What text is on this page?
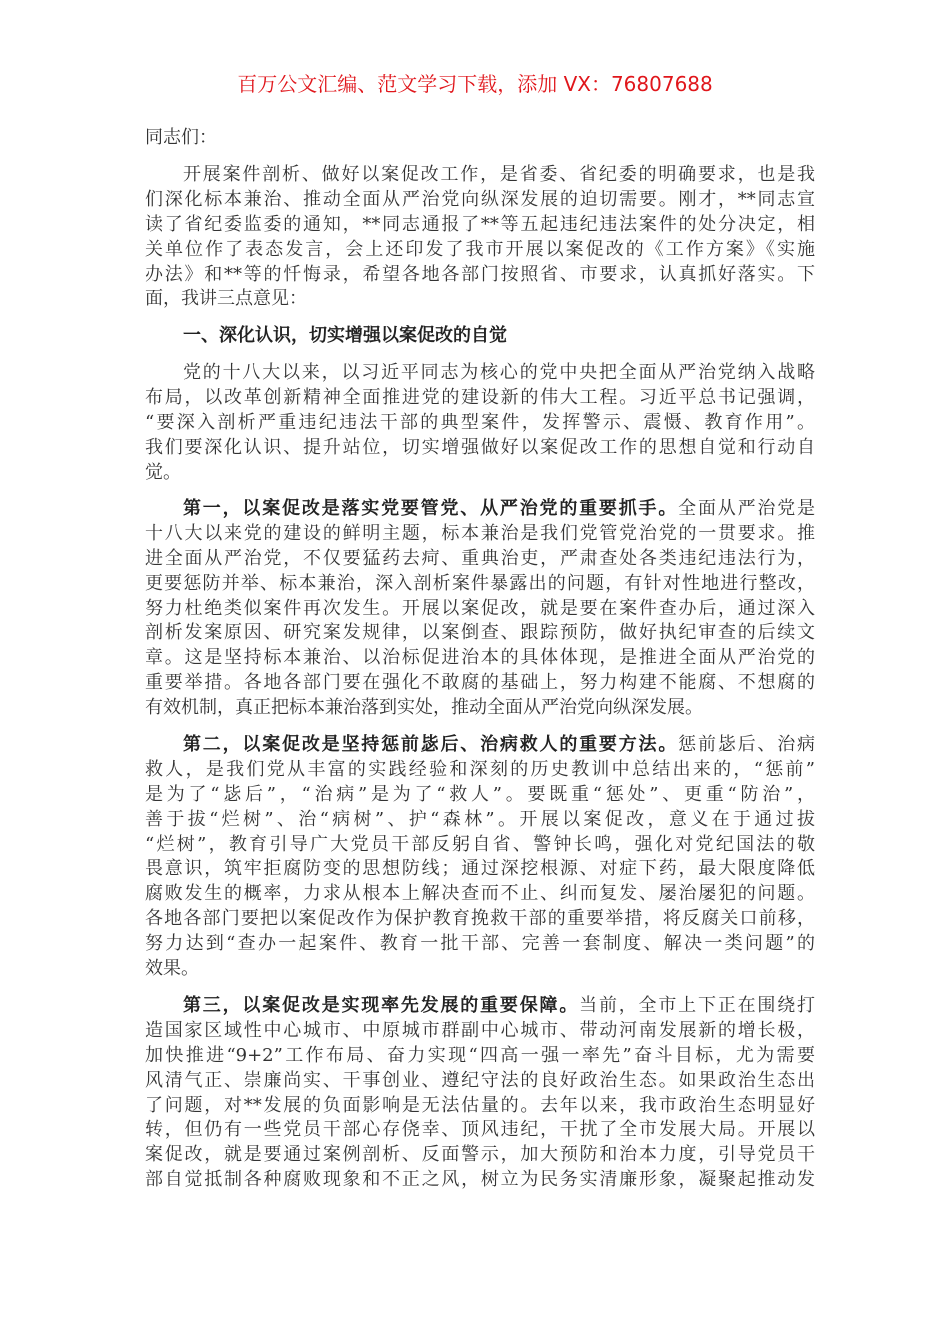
百万公文汇编、范文学习下载，添加 VX：76807688
同志们：
开展案件剖析、做好以案促改工作，是省委、省纪委的明确要求，也是我
们深化标本兼治、推动全面从严治党向纵深发展的迫切需要。刚才，**同志宣
读了省纪委监委的通知，**同志通报了**等五起违纪违法案件的处分决定，相
关单位作了表态发言，会上还印发了我市开展以案促改的《工作方案》《实施
办法》和**等的忏悔录，希望各地各部门按照省、市要求，认真抓好落实。下
面，我讲三点意见：
一、深化认识，切实增强以案促改的自觉
党的十八大以来，以习近平同志为核心的党中央把全面从严治党纳入战略
布局，以改革创新精神全面推进党的建设新的伟大工程。习近平总书记强调，
“要深入剖析严重违纪违法干部的典型案件，发挥警示、震慑、教育作用”。
我们要深化认识、提升站位，切实增强做好以案促改工作的思想自觉和行动自
觉。
第一，以案促改是落实党要管党、从严治党的重要抓手。全面从严治党是
十八大以来党的建设的鲜明主题，标本兼治是我们党管党治党的一贯要求。推
进全面从严治党，不仅要猛药去疴、重典治吏，严肃查处各类违纪违法行为，
更要惩防并举、标本兼治，深入剖析案件暴露出的问题，有针对性地进行整改，
努力杜绝类似案件再次发生。开展以案促改，就是要在案件查办后，通过深入
剖析发案原因、研究案发规律，以案倒查、跟踪预防，做好执纪审查的后续文
章。这是坚持标本兼治、以治标促进治本的具体体现，是推进全面从严治党的
重要举措。各地各部门要在强化不敢腐的基础上，努力构建不能腐、不想腐的
有效机制，真正把标本兼治落到实处，推动全面从严治党向纵深发展。
第二，以案促改是坚持惩前毖后、治病救人的重要方法。惩前毖后、治病
救人，是我们党从丰富的实践经验和深刻的历史教训中总结出来的，“惩前”
是为了“毖后”，“治病”是为了“救人”。要既重“惩处”、更重“防治”，
善于拔“烂树”、治“病树”、护“森林”。开展以案促改，意义在于通过拔
“烂树”，教育引导广大党员干部反躬自省、警钟长鸣，强化对党纪国法的敬
畏意识，筑牢拒腐防变的思想防线；通过深挖根源、对症下药，最大限度降低
腐败发生的概率，力求从根本上解决查而不止、纠而复发、屡治屡犯的问题。
各地各部门要把以案促改作为保护教育挽救干部的重要举措，将反腐关口前移，
努力达到“查办一起案件、教育一批干部、完善一套制度、解决一类问题”的
效果。
第三，以案促改是实现率先发展的重要保障。当前，全市上下正在围绕打
造国家区域性中心城市、中原城市群副中心城市、带动河南发展新的增长极，
加快推进“9+2”工作布局、奋力实现“四高一强一率先”奋斗目标，尤为需要
风清气正、崇廉尚实、干事创业、遵纪守法的良好政治生态。如果政治生态出
了问题，对**发展的负面影响是无法估量的。去年以来，我市政治生态明显好
转，但仍有一些党员干部心存侥幸、顶风违纪，干扰了全市发展大局。开展以
案促改，就是要通过案例剖析、反面警示，加大预防和治本力度，引导党员干
部自觉抵制各种腐败现象和不正之风，树立为民务实清廉形象，凝聚起推动发
